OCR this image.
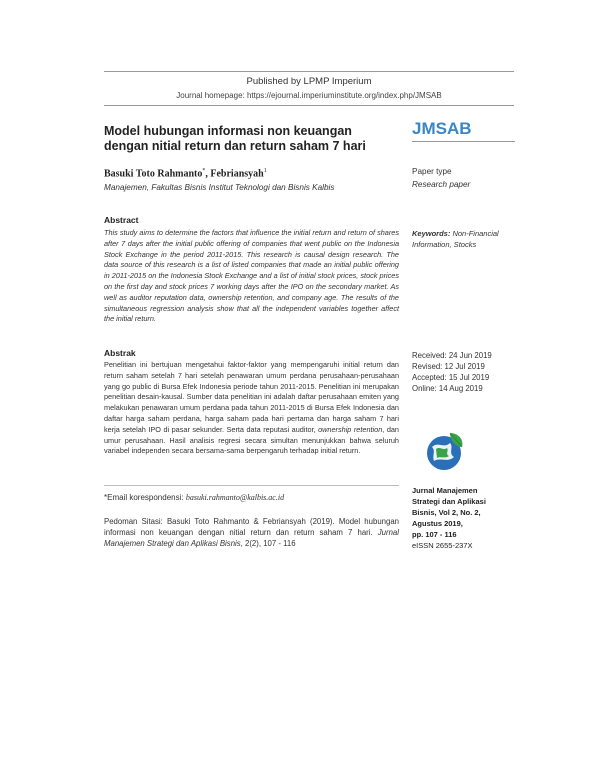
Published by LPMP Imperium
Journal homepage: https://ejournal.imperiuminstitute.org/index.php/JMSAB
Model hubungan informasi non keuangan dengan nitial return dan return saham 7 hari
JMSAB
Basuki Toto Rahmanto*, Febriansyah$^1$
Manajemen, Fakultas Bisnis Institut Teknologi dan Bisnis Kalbis
Paper type
Research paper
Abstract
This study aims to determine the factors that influence the initial return and return of shares after 7 days after the initial public offering of companies that went public on the Indonesia Stock Exchange in the period 2011-2015. This research is causal design research. The data source of this research is a list of listed companies that made an initial public offering in 2011-2015 on the Indonesia Stock Exchange and a list of initial stock prices, stock prices on the first day and stock prices 7 working days after the IPO on the secondary market. As well as auditor reputation data, ownership retention, and company age. The results of the simultaneous regression analysis show that all the independent variables together affect the initial return.
Keywords: Non-Financial Information, Stocks
Abstrak
Penelitian ini bertujuan mengetahui faktor-faktor yang mempengaruhi initial return dan return saham setelah 7 hari setelah penawaran umum perdana perusahaan-perusahaan yang go public di Bursa Efek Indonesia periode tahun 2011-2015. Penelitian ini merupakan penelitian desain-kausal. Sumber data penelitian ini adalah daftar perusahaan emiten yang melakukan penawaran umum perdana pada tahun 2011-2015 di Bursa Efek Indonesia dan daftar harga saham perdana, harga saham pada hari pertama dan harga saham 7 hari kerja setelah IPO di pasar sekunder. Serta data reputasi auditor, ownership retention, dan umur perusahaan. Hasil analisis regresi secara simultan menunjukkan bahwa seluruh variabel independen secara bersama-sama berpengaruh terhadap initial return.
Received: 24 Jun 2019
Revised: 12 Jul 2019
Accepted: 15 Jul 2019
Online: 14 Aug 2019
Jurnal Manajemen
Strategi dan Aplikasi
Bisnis, Vol 2, No. 2,
Agustus 2019,
pp. 107 - 116
eISSN 2655-237X
*Email korespondensi: basuki.rahmanto@kalbis.ac.id
Pedoman Sitasi: Basuki Toto Rahmanto & Febriansyah (2019). Model hubungan informasi non keuangan dengan nitial return dan return saham 7 hari. Jurnal Manajemen Strategi dan Aplikasi Bisnis, 2(2), 107 - 116
